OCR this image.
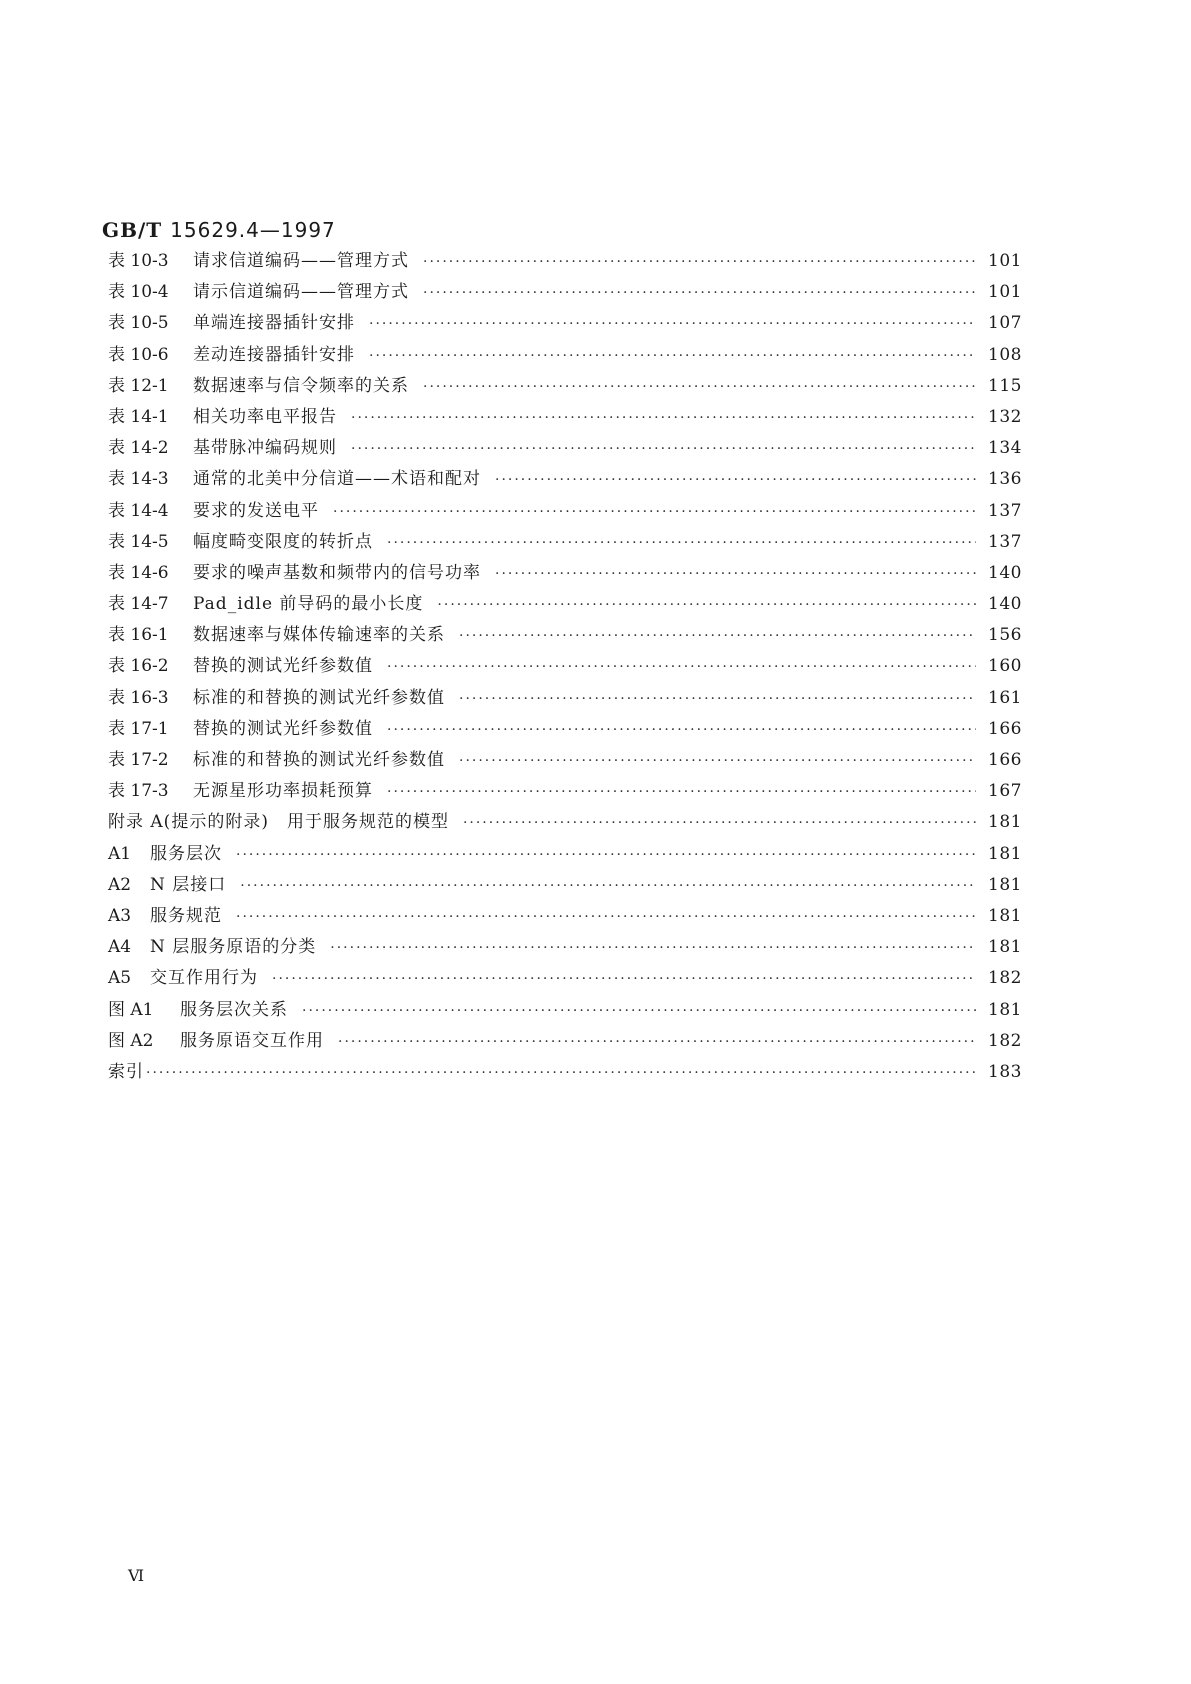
GB/T 15629.4—1997
表 10-3	请求信道编码——管理方式 ·····	101
表 10-4	请示信道编码——管理方式 ·····	101
表 10-5	单端连接器插针安排 ·····	107
表 10-6	差动连接器插针安排 ·····	108
表 12-1	数据速率与信令频率的关系 ·····	115
表 14-1	相关功率电平报告 ·····	132
表 14-2	基带脉冲编码规则 ·····	134
表 14-3	通常的北美中分信道——术语和配对 ·····	136
表 14-4	要求的发送电平 ·····	137
表 14-5	幅度畸变限度的转折点 ·····	137
表 14-6	要求的噪声基数和频带内的信号功率 ·····	140
表 14-7	Pad_idle 前导码的最小长度 ·····	140
表 16-1	数据速率与媒体传输速率的关系 ·····	156
表 16-2	替换的测试光纤参数值 ·····	160
表 16-3	标准的和替换的测试光纤参数值 ·····	161
表 17-1	替换的测试光纤参数值 ·····	166
表 17-2	标准的和替换的测试光纤参数值 ·····	166
表 17-3	无源星形功率损耗预算 ·····	167
附录 A(提示的附录)　用于服务规范的模型 ·····	181
A1	服务层次 ·····	181
A2	N 层接口 ·····	181
A3	服务规范 ·····	181
A4	N 层服务原语的分类 ·····	181
A5	交互作用行为 ·····	182
图 A1	服务层次关系 ·····	181
图 A2	服务原语交互作用 ·····	182
索引 ·····	183
Ⅵ
